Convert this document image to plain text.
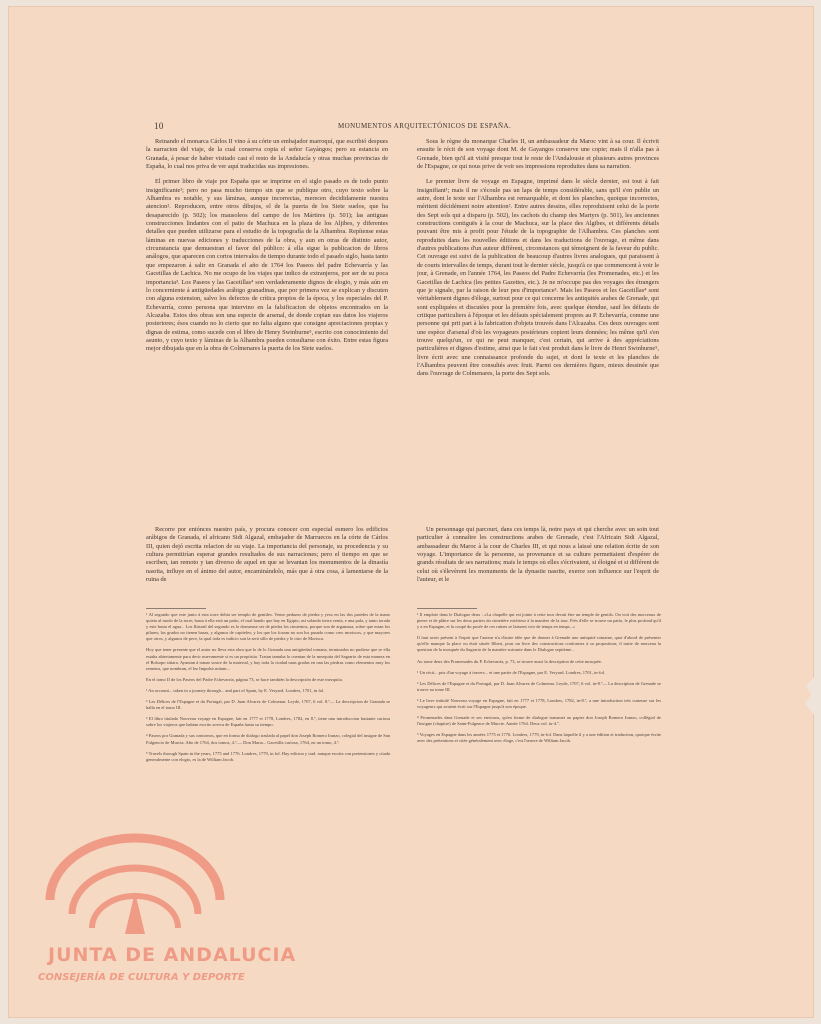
10	MONUMENTOS ARQUITECTÓNICOS DE ESPAÑA.

Reinando el monarca Cárlos II vino á su córte un embajador marroquí, que escribió despues la narracion del viaje, de la cual conserva copia el señor Gayángos; pero su estancia en Granada, á pesar de haber visitado casi el resto de la Andalucía y otras muchas provincias de España, lo cual nos priva de ver aquí traducidas sus impresiones.

El primer libro de viaje por España que se imprime en el siglo pasado es de todo punto insignificante¹; pero no pasa mucho tiempo sin que se publique otro, cuyo texto sobre la Alhambra es notable, y sus láminas, aunque incorrectas, merecen decididamente nuestra atencion². Reproducen, entre otros dibujos, el de la puerta de los Siete suelos, que ha desaparecido (p. 502); los mausoleos del campo de los Mártires (p. 501); las antiguas construcciones lindantes con el patio de Machuca en la plaza de los Aljibes, y diferentes detalles que pueden utilizarse para el estudio de la topografía de la Alhambra. Repítense estas láminas en nuevas ediciones y traducciones de la obra, y aun en otras de distinto autor, circunstancia que demuestran el favor del público: á ella sigue la publicacion de libros análogos, que aparecen con cortos intervalos de tiempo durante todo el pasado siglo, hasta tanto que empezaron á salir en Granada el año de 1764 los Paseos del padre Echevarría y las Gacetillas de Lachica. No me ocupo de los viajes que indico de extranjeros, por ser de su poca importancia³. Los Paseos y las Gacetillas⁴ son verdaderamente dignos de elogio, y más aún en lo concerniente á antigüedades arábigo granadinas, que por primera vez se explican y discuten con alguna extension, salvo los defectos de crítica propios de la época, y los especiales del P. Echevarría, como persona que intervino en la falsificacion de objetos encontrados en la Alcazaba. Estos dos obras son una especie de arsenal, de donde copian sus datos los viajeros posteriores; ésos cuando no lo cierto que no falta alguno que consigne apreciaciones propias y dignas de estima, como sucede con el libro de Henry Swinburne⁵, escrito con conocimiento del asunto, y cuyo texto y láminas de la Alhambra pueden consultarse con éxito. Entre estas figura mejor dibujada que en la obra de Colmenares la puerta de los Siete suelos.

Recorre por entónces nuestro país, y procura conocer con especial esmero los edificios arábigos de Granada, el africano Sidi Algazal, embajador de Marruecos en la córte de Cárlos III, quien dejó escrita relacion de su viaje. La importancia del personaje, su procedencia y su cultura permitirían esperar grandes resultados de sus narraciones; pero el tiempo en que se escriben, tan remoto y tan diverso de aquel en que se levantan los monumentos de la dinastía nasrita, influye en el ánimo del autor, encaminándolo, más que á otra cosa, á lamentarse de la ruina de

Sous le règne du monarque Charles II, un ambassadeur du Maroc vint à sa cour. Il écrivit ensuite le récit de son voyage dont M. de Gayangos conserve une copie; mais il n'alla pas à Grenade, bien qu'il ait visité presque tout le reste de l'Andalousie et plusieurs autres provinces de l'Espagne, ce qui nous prive de voir ses impressions reproduites dans sa narration.

Le premier livre de voyage en Espagne, imprimé dans le siècle dernier, est tout à fait insignifiant¹; mais il ne s'écoule pas un laps de temps considérable, sans qu'il s'en publie un autre, dont le texte sur l'Alhambra est remarquable, et dont les planches, quoique incorrectes, méritent décidément notre attention². Entre autres dessins, elles reproduisent celui de la porte des Sept sols qui a disparu (p. 502), les cachots du champ des Martyrs (p. 501), les anciennes constructions contiguës à la cour de Machuca, sur la place des Algibes, et différents détails pouvant être mis à profit pour l'étude de la topographie de l'Alhambra. Ces planches sont reproduites dans les nouvelles éditions et dans les traductions de l'ouvrage, et même dans d'autres publications d'un auteur différent, circonstances qui témoignent de la faveur du public. Cet ouvrage est suivi de la publication de beaucoup d'autres livres analogues, qui paraissent à de courts intervalles de temps, durant tout le dernier siècle, jusqu'à ce que commencent à voir le jour, à Grenade, en l'année 1764, les Paseos del Padre Echevarría (les Promenades, etc.) et les Gacetillas de Lachica (les petites Gazettes, etc.). Je ne m'occupe pas des voyages des étrangers que je signale, par la raison de leur peu d'importance³. Mais les Paseos et les Gacetillas⁴ sont véritablement dignes d'éloge, surtout pour ce qui concerne les antiquités arabes de Grenade, qui sont expliquées et discutées pour la première fois, avec quelque étendue, sauf les défauts de critique particuliers à l'époque et les défauts spécialement propres au P. Echevarría, comme une personne qui prit part à la fabrication d'objets trouvés dans l'Alcazaba. Ces deux ouvrages sont une espèce d'arsenal d'où les voyageurs postérieurs copient leurs données; les même qu'il s'en trouve quelqu'un, ce qui ne peut manquer, c'est certain, qui arrive à des appréciations particulières et dignes d'estime, ainsi que le fait s'est produit dans le livre de Henri Swinburne⁵, livre écrit avec une connaissance profonde du sujet, et dont le texte et les planches de l'Alhambra peuvent être consultés avec fruit. Parmi ces dernières figure, mieux dessinée que dans l'ouvrage de Colmenares, la porte des Sept sols.

Un personnage qui parcourt, dans ces temps là, notre pays et qui cherche avec un soin tout particulier à connaître les constructions arabes de Grenade, c'est l'Africain Sidi Algazal, ambassadeur du Maroc à la cour de Charles III, et qui nous a laissé une relation écrite de son voyage. L'importance de la personne, sa provenance et sa culture permettaient d'espérer de grands résultats de ses narrations; mais le temps où elles s'écrivaient, si éloigné et si différent de celui où s'élevèrent les monuments de la dynastie nasrite, exerce son influence sur l'esprit de l'auteur, et le

¹ Al segundo que este junto á esta torre debia ser templo de gentiles. Vense pedazos de piedra y yeso en las dos paredes de la mano quieta al modo de la torre; hasta á ella está un patio, el cual bando que hay en Egipto; así solando tierra venía, e una pala, y tanto torada y este hasta el agua... Los Ilistaril del segundo es lo dormeuse ser de piedra los cimientos, porque son de argamasa, sobre que estan los pilares; los grados no tienen basas, y algunos de capiteles; y los que los forzan no son los pasado como creo moriscos, y que mayores que otros, y algunos de pece, la qual toda es indicio son la será sillo de piedra y le otro de Morisca.

Hoy que tener presente que el autor no lleva esta obra que lo de lo Granada una antigüedad romana, terminados no pudiese que se ella estaba abiertamente para decir nuevamente si es un propósito. Tratan tamuba lo cuentan de la mezquita del Sagrario de esta manera en el Bolsopo sitiara. Ayuntan á tomar sostre de la material, y hay toda la ciudad unas gradas en una las piedras como elementos muy los remetos, que nombran, el lez Impulsò mitam...

En el tomo II de los Paseos del Padre Echevarría, página 73, se hace también la descripción de este mezquita.

¹ An account... taken in a journey through... and part of Spain, by E. Veryard. Londres, 1701, in fol.

² Les Délices de l'Espagne et du Portugal, par D. Juan Alvarez de Colmenar. Leyde, 1707, 6 vol. 8.º— La descripcion de Granada se halla en el tomo III.

³ El libro titulado Nouveau voyage en Espagne, fait en 1777 et 1778, Londres, 1782, en 8.º, tiene una introduccion bastante curiosa sobre los viajeros que habian escrito acerca de España hasta su tiempo.

⁴ Paseos por Granada y sus contornos, que en forma de dialogo traslada al papel don Joseph Romero Iranzo, colegial del insigne de San Fulgencio de Murcia. Año de 1764, dos tomos, 4.º.— Don Maria... Gacetilla curiosa, 1764, en un tomo, 4.º.

⁵ Travels through Spain in the years, 1775 and 1776. Londres, 1779, in fol. Hay edicion y trad. aunque escrita con pretensiones y citada generalmente con elogio, es la de William Jacob.

¹ Il emploie dans le Dialogue deux : «La chapelle qui est jointe à cette tour devait être un temple de gentils. On voit des morceaux de pierre et de plâtre sur les deux parties du cimetière extérieur à la manière de la tour. Près d'elle se trouve un patio, le plus profond qu'il y a en Espagne, et la coupé du posée de ces ruines se laissent voir de temps en temps...»

Il faut avoir présent à l'esprit que l'auteur n'a d'autre idée que de donner à Grenade une antiquité romaine, quoi d'abord de présenter qu'elle manque la place ou était située Iliberi, pour un livre des constructions conformes à sa proposition; il traite de nouveau la question de la mosquée du Sagrario de la manière suivante dans le Dialogue septième...

Au tome deux des Promenades du P. Echevarría, p. 73, se trouve aussi la description de cette mosquée.

¹ Un récit... pris d'un voyage à travers... et une partie de l'Espagne, par E. Veryard. Londres, 1701, in-fol.

² Les Délices de l'Espagne et du Portugal, par D. Juan Alvarez de Colmenar. Leyde, 1707, 6 vol. in-8.º— La description de Grenade se trouve au tome III.

³ Le livre intitulé Nouveau voyage en Espagne, fait en 1777 et 1778, Londres, 1782, in-8.º, a une introduction très curieuse sur les voyageurs qui avaient écrit sur l'Espagne jusqu'à son époque.

⁴ Promenades dans Grenade et ses environs, qu'en forme de dialogue transmet au papier don Joseph Romero Iranzo, collégial de l'insigne (chapitre) de Saint-Fulgence de Murcie. Année 1764. Deux vol. in-4.º.

⁵ Voyages en Espagne dans les années 1775 et 1776. Londres, 1779, in-fol. Dans laquelle il y a une édition et traduction, quoique écrite avec des prétentions et citée généralement avec éloge, c'est l'œuvre de William Jacob.

JUNTA DE ANDALUCIA
CONSEJERÍA DE CULTURA Y DEPORTE
